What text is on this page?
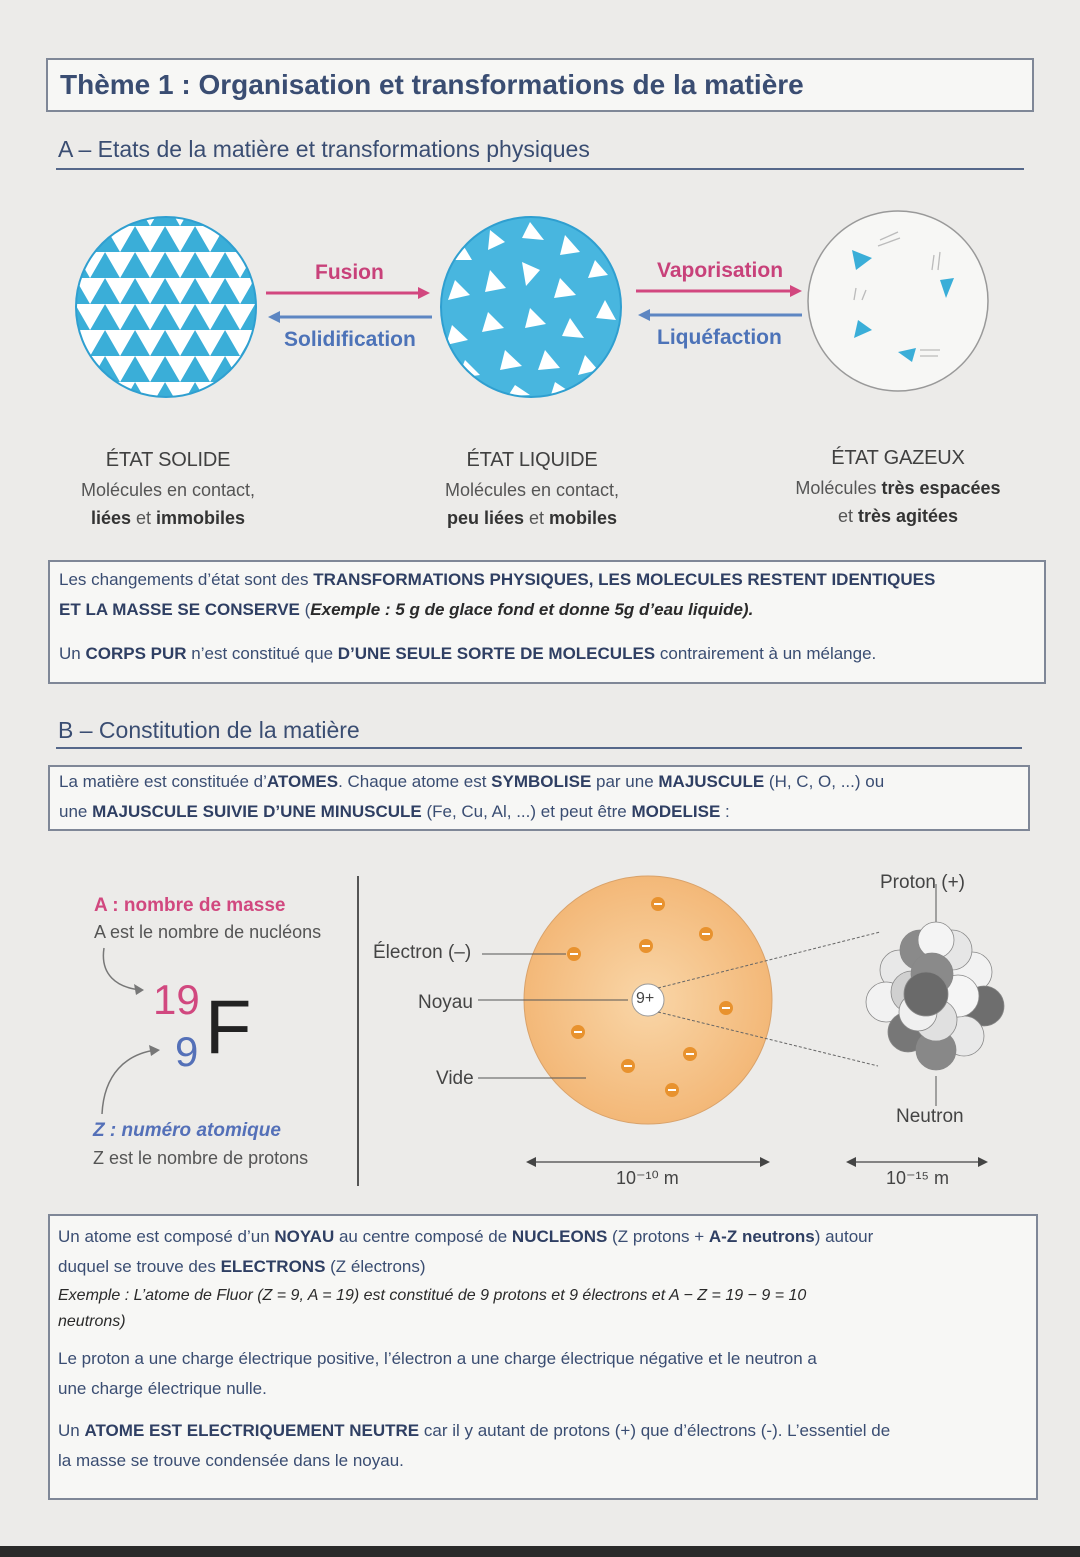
Thème 1 : Organisation et transformations de la matière
A – Etats de la matière et transformations physiques
Fusion
Solidification
Vaporisation
Liquéfaction
ÉTAT SOLIDE
Molécules en contact,
liées et immobiles
ÉTAT LIQUIDE
Molécules en contact,
peu liées et mobiles
ÉTAT GAZEUX
Molécules très espacées
et très agitées
Les changements d’état sont des TRANSFORMATIONS PHYSIQUES, LES MOLECULES RESTENT IDENTIQUES
ET LA MASSE SE CONSERVE (Exemple : 5 g de glace fond et donne 5g d’eau liquide).
Un CORPS PUR n’est constitué que D’UNE SEULE SORTE DE MOLECULES contrairement à un mélange.
B – Constitution de la matière
La matière est constituée d’ATOMES. Chaque atome est SYMBOLISE par une MAJUSCULE (H, C, O, ...) ou
une MAJUSCULE SUIVIE D’UNE MINUSCULE (Fe, Cu, Al, ...) et peut être MODELISE :
A : nombre de masse
A est le nombre de nucléons
19
9 F
Z : numéro atomique
Z est le nombre de protons
9+
Électron (–)
Noyau
Vide
Proton (+)
Neutron
10⁻¹⁰ m	10⁻¹⁵ m
Un atome est composé d’un NOYAU au centre composé de NUCLEONS (Z protons + A-Z neutrons) autour
duquel se trouve des ELECTRONS (Z électrons)
Exemple : L’atome de Fluor (Z = 9, A = 19) est constitué de 9 protons et 9 électrons et A − Z = 19 − 9 = 10
neutrons)
Le proton a une charge électrique positive, l’électron a une charge électrique négative et le neutron a
une charge électrique nulle.
Un ATOME EST ELECTRIQUEMENT NEUTRE car il y autant de protons (+) que d’électrons (-). L’essentiel de
la masse se trouve condensée dans le noyau.
